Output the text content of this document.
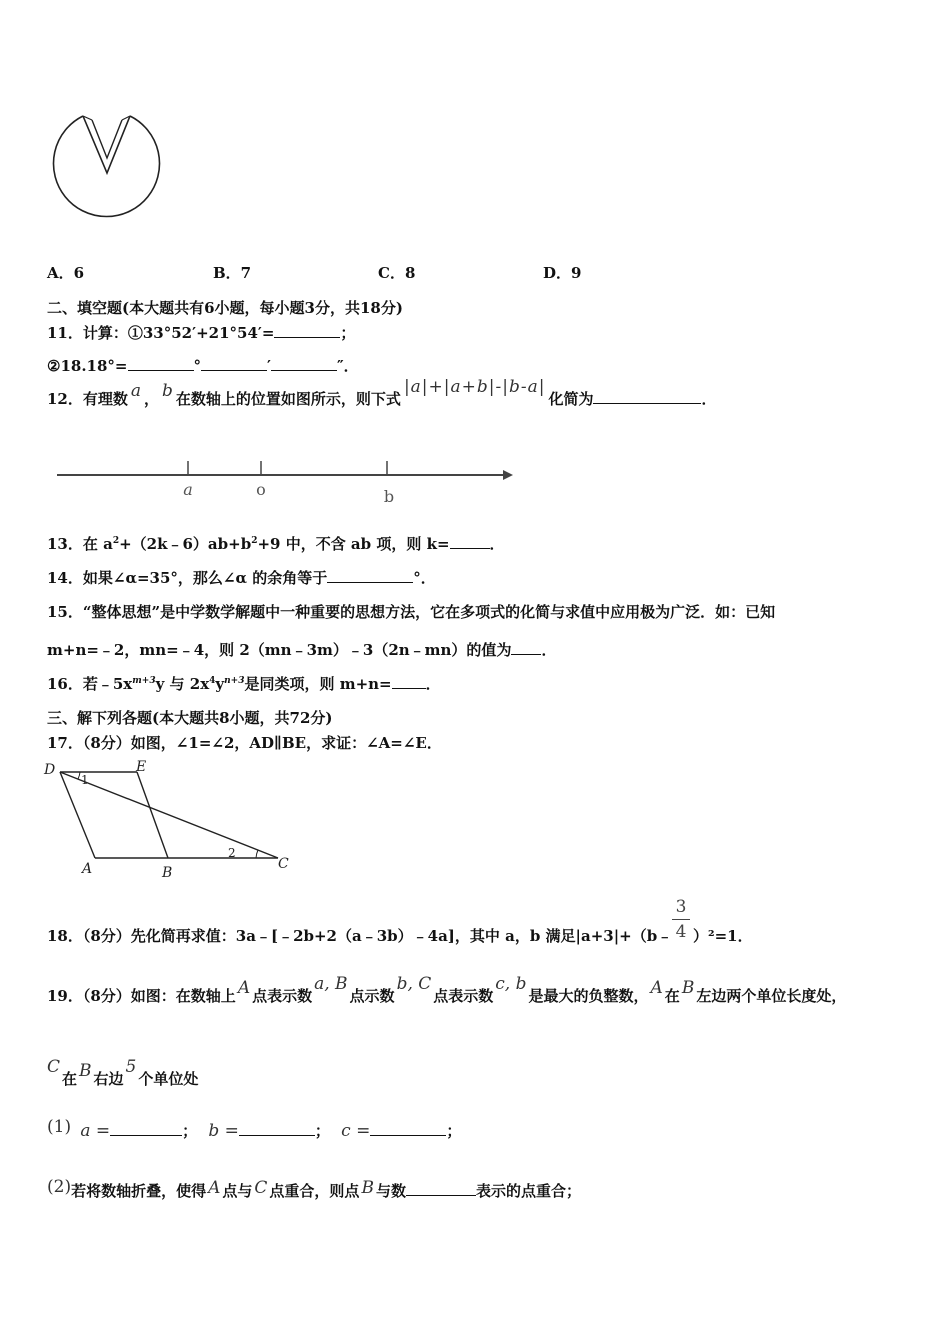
A．6	B．7	C．8	D．9
二、填空题(本大题共有6小题，每小题3分，共18分)
11．计算：①33°52′+21°54′=	；
②18.18°=	°	′	″．
12．有理数 a ， b 在数轴上的位置如图所示，则下式|a|+|a+b|-|b-a|化简为	．
a	o	b
13．在 $a^2+(2k﹣6)ab+b^2+9$ 中，不含 ab 项，则 k=	．
14．如果∠α=35°，那么∠α 的余角等于	°．
15．“整体思想”是中学数学解题中一种重要的思想方法，它在多项式的化简与求值中应用极为广泛．如：已知
m+n=﹣2，mn=﹣4，则 2（mn﹣3m）﹣3（2n﹣mn）的值为 ．
16．若$﹣5x^{m+3}y$ 与 $2x^4y^{n+3}$是同类项，则 m+n= ．
三、解下列各题(本大题共8小题，共72分)
17．（8分）如图，∠1=∠2，AD∥BE，求证：∠A=∠E．
D	E
1
2
A	B
C
18．（8分）先化简再求值：3a﹣[﹣2b+2（a﹣3b）﹣4a]，其中 a，b 满足|a+3|+（b﹣
3
4 ）²=1．
19．（8分）如图：在数轴上 A 点表示数a, B点示数b, C点表示数c, b是最大的负整数， A 在 B 左边两个单位长度处，
C在 B 右边5个单位处
(1) a =	； b =	； c =	；
(2)若将数轴折叠，使得 A 点与 C 点重合，则点 B 与数	表示的点重合；
